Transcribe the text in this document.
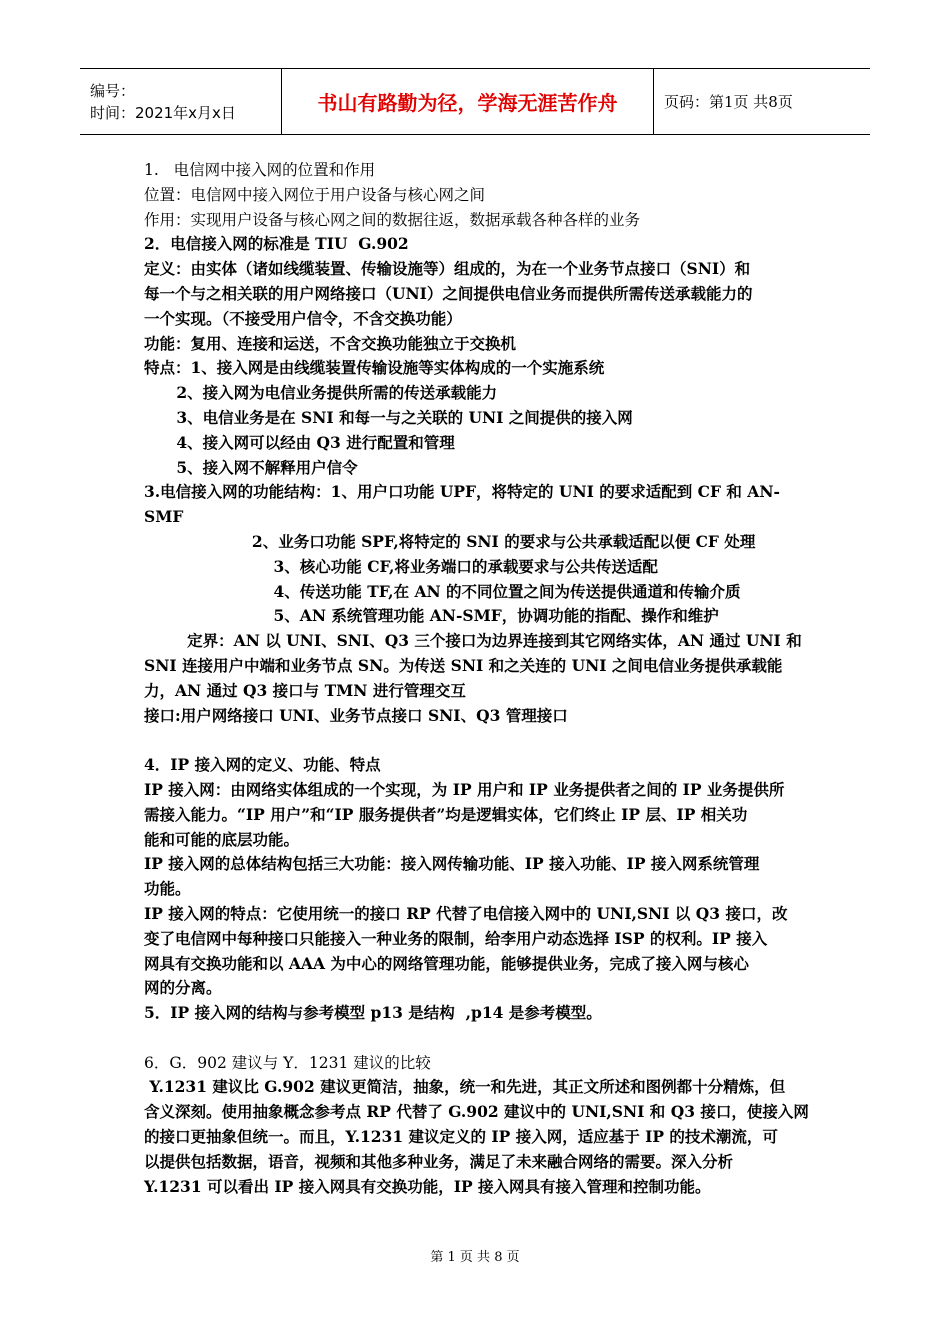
编号：
时间：2021年x月x日	书山有路勤为径，学海无涯苦作舟	页码：第1页 共8页
1.   电信网中接入网的位置和作用
位置：电信网中接入网位于用户设备与核心网之间
作用：实现用户设备与核心网之间的数据往返，数据承载各种各样的业务
2．电信接入网的标准是 TIU  G.902
定义：由实体（诸如线缆装置、传输设施等）组成的，为在一个业务节点接口（SNI）和
每一个与之相关联的用户网络接口（UNI）之间提供电信业务而提供所需传送承载能力的
一个实现。（不接受用户信令，不含交换功能）
功能：复用、连接和运送，不含交换功能独立于交换机
特点：1、接入网是由线缆装置传输设施等实体构成的一个实施系统
2、接入网为电信业务提供所需的传送承载能力
3、电信业务是在 SNI 和每一与之关联的 UNI 之间提供的接入网
4、接入网可以经由 Q3 进行配置和管理
5、接入网不解释用户信令
3.电信接入网的功能结构：1、用户口功能 UPF，将特定的 UNI 的要求适配到 CF 和 AN-
SMF
2、业务口功能 SPF,将特定的 SNI 的要求与公共承载适配以便 CF 处理
3、核心功能 CF,将业务端口的承载要求与公共传送适配
4、传送功能 TF,在 AN 的不同位置之间为传送提供通道和传输介质
5、AN 系统管理功能 AN-SMF，协调功能的指配、操作和维护
定界：AN 以 UNI、SNI、Q3 三个接口为边界连接到其它网络实体，AN 通过 UNI 和
SNI 连接用户中端和业务节点 SN。为传送 SNI 和之关连的 UNI 之间电信业务提供承载能
力，AN 通过 Q3 接口与 TMN 进行管理交互
接口:用户网络接口 UNI、业务节点接口 SNI、Q3 管理接口
4．IP 接入网的定义、功能、特点
IP 接入网：由网络实体组成的一个实现，为 IP 用户和 IP 业务提供者之间的 IP 业务提供所
需接入能力。“IP 用户”和“IP 服务提供者”均是逻辑实体，它们终止 IP 层、IP 相关功
能和可能的底层功能。
IP 接入网的总体结构包括三大功能：接入网传输功能、IP 接入功能、IP 接入网系统管理
功能。
IP 接入网的特点：它使用统一的接口 RP 代替了电信接入网中的 UNI,SNI 以 Q3 接口，改
变了电信网中每种接口只能接入一种业务的限制，给李用户动态选择 ISP 的权利。IP 接入
网具有交换功能和以 AAA 为中心的网络管理功能，能够提供业务，完成了接入网与核心
网的分离。
5．IP 接入网的结构与参考模型 p13 是结构  ,p14 是参考模型。
6．G．902 建议与 Y．1231 建议的比较
Y.1231 建议比 G.902 建议更简洁，抽象，统一和先进，其正文所述和图例都十分精炼，但
含义深刻。使用抽象概念参考点 RP 代替了 G.902 建议中的 UNI,SNI 和 Q3 接口，使接入网
的接口更抽象但统一。而且，Y.1231 建议定义的 IP 接入网，适应基于 IP 的技术潮流，可
以提供包括数据，语音，视频和其他多种业务，满足了未来融合网络的需要。深入分析
Y.1231 可以看出 IP 接入网具有交换功能，IP 接入网具有接入管理和控制功能。
第 1 页 共 8 页
